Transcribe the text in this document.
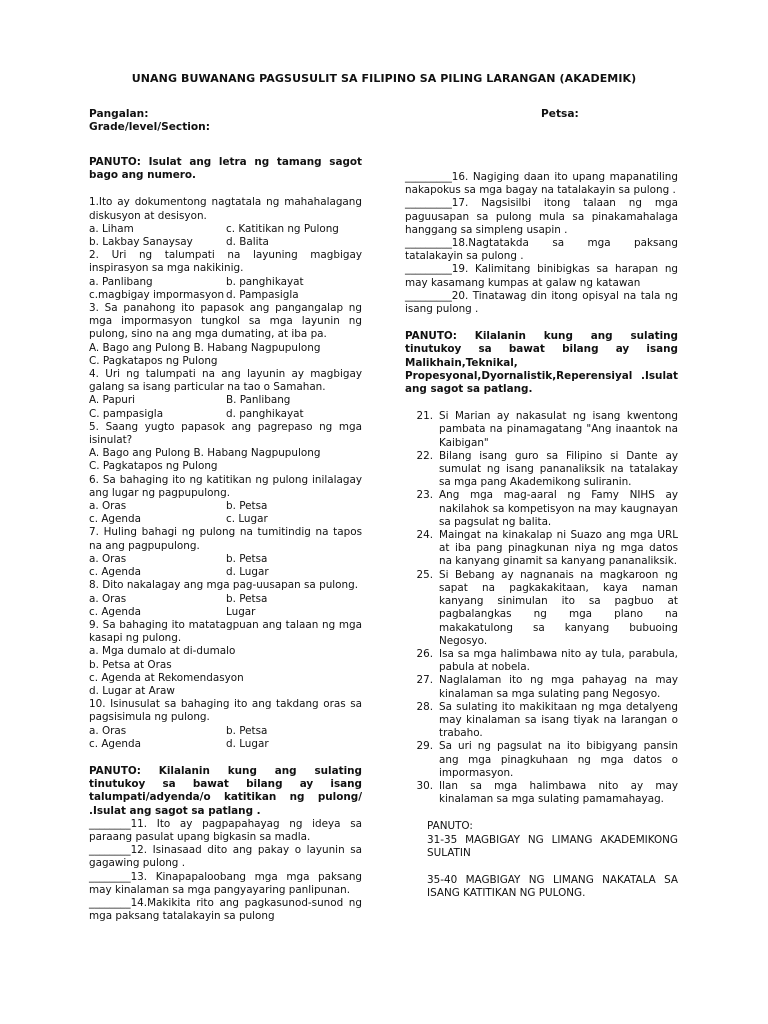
UNANG BUWANANG PAGSUSULIT SA FILIPINO SA PILING LARANGAN (AKADEMIK)
Pangalan:
Grade/level/Section:
Petsa:

PANUTO: Isulat ang letra ng tamang sagot bago ang numero.

1.Ito ay dokumentong nagtatala ng mahahalagang diskusyon at desisyon.

a. Liham	c. Katitikan ng Pulong
b. Lakbay Sanaysay	d. Balita

2. Uri ng talumpati na layuning magbigay inspirasyon sa mga nakikinig.

a. Panlibang	b. panghikayat
c.magbigay impormasyon d. Pampasigla

3. Sa panahong ito papasok ang pangangalap ng mga impormasyon tungkol sa mga layunin ng pulong, sino na ang mga dumating, at iba pa.

A. Bago ang Pulong B. Habang Nagpupulong
C. Pagkatapos ng Pulong

4. Uri ng talumpati na ang layunin ay magbigay galang sa isang particular na tao o Samahan.

A. Papuri	B. Panlibang
C. pampasigla	d. panghikayat

5. Saang yugto papasok ang pagrepaso ng mga isinulat?

A. Bago ang Pulong B. Habang Nagpupulong
C. Pagkatapos ng Pulong

6. Sa bahaging ito ng katitikan ng pulong inilalagay ang lugar ng pagpupulong.

a. Oras	b. Petsa
c. Agenda	c. Lugar

7. Huling bahagi ng pulong na tumitindig na tapos na ang pagpupulong.

a. Oras	b. Petsa
c. Agenda	d. Lugar

8. Dito nakalagay ang mga pag-uusapan sa pulong.

a. Oras	b. Petsa
c. Agenda	Lugar

9. Sa bahaging ito matatagpuan ang talaan ng mga kasapi ng pulong.

a. Mga dumalo at di-dumalo
b. Petsa at Oras
c. Agenda at Rekomendasyon
d. Lugar at Araw

10. Isinusulat sa bahaging ito ang takdang oras sa pagsisimula ng pulong.

a. Oras	b. Petsa
c. Agenda	d. Lugar

PANUTO: Kilalanin kung ang sulating tinutukoy sa bawat bilang ay isang talumpati/adyenda/o katitikan ng pulong/ .Isulat ang sagot sa patlang .

________11. Ito ay pagpapahayag ng ideya sa paraang pasulat upang bigkasin sa madla.

________12. Isinasaad dito ang pakay o layunin sa gagawing pulong .

________13. Kinapapaloobang mga mga paksang may kinalaman sa mga pangyayaring panlipunan.

________14.Makikita rito ang pagkasunod-sunod ng mga paksang tatalakayin sa pulong

_________16. Nagiging daan ito upang mapanatiling nakapokus sa mga bagay na tatalakayin sa pulong .

_________17. Nagsisilbi itong talaan ng mga paguusapan sa pulong mula sa pinakamahalaga hanggang sa simpleng usapin .

_________18.Nagtatakda sa mga paksang tatalakayin sa pulong .

_________19. Kalimitang binibigkas sa harapan ng may kasamang kumpas at galaw ng katawan

_________20. Tinatawag din itong opisyal na tala ng isang pulong .

PANUTO: Kilalanin kung ang sulating tinutukoy sa bawat bilang ay isang Malikhain,Teknikal, Propesyonal,Dyornalistik,Reperensiyal .Isulat ang sagot sa patlang.

21. Si Marian ay nakasulat ng isang kwentong pambata na pinamagatang "Ang inaantok na Kaibigan"
22. Bilang isang guro sa Filipino si Dante ay sumulat ng isang pananaliksik na tatalakay sa mga pang Akademikong suliranin.
23. Ang mga mag-aaral ng Famy NIHS ay nakilahok sa kompetisyon na may kaugnayan sa pagsulat ng balita.
24. Maingat na kinakalap ni Suazo ang mga URL at iba pang pinagkunan niya ng mga datos na kanyang ginamit sa kanyang pananaliksik.
25. Si Bebang ay nagnanais na magkaroon ng sapat na pagkakakitaan, kaya naman kanyang sinimulan ito sa pagbuo at pagbalangkas ng mga plano na makakatulong sa kanyang bubuoing Negosyo.
26. Isa sa mga halimbawa nito ay tula, parabula, pabula at nobela.
27. Naglalaman ito ng mga pahayag na may kinalaman sa mga sulating pang Negosyo.
28. Sa sulating ito makikitaan ng mga detalyeng may kinalaman sa isang tiyak na larangan o trabaho.
29. Sa uri ng pagsulat na ito bibigyang pansin ang mga pinagkuhaan ng mga datos o impormasyon.
30. Ilan sa mga halimbawa nito ay may kinalaman sa mga sulating pamamahayag.

PANUTO:

31-35 MAGBIGAY NG LIMANG AKADEMIKONG SULATIN

35-40 MAGBIGAY NG LIMANG NAKATALA SA ISANG KATITIKAN NG PULONG.
